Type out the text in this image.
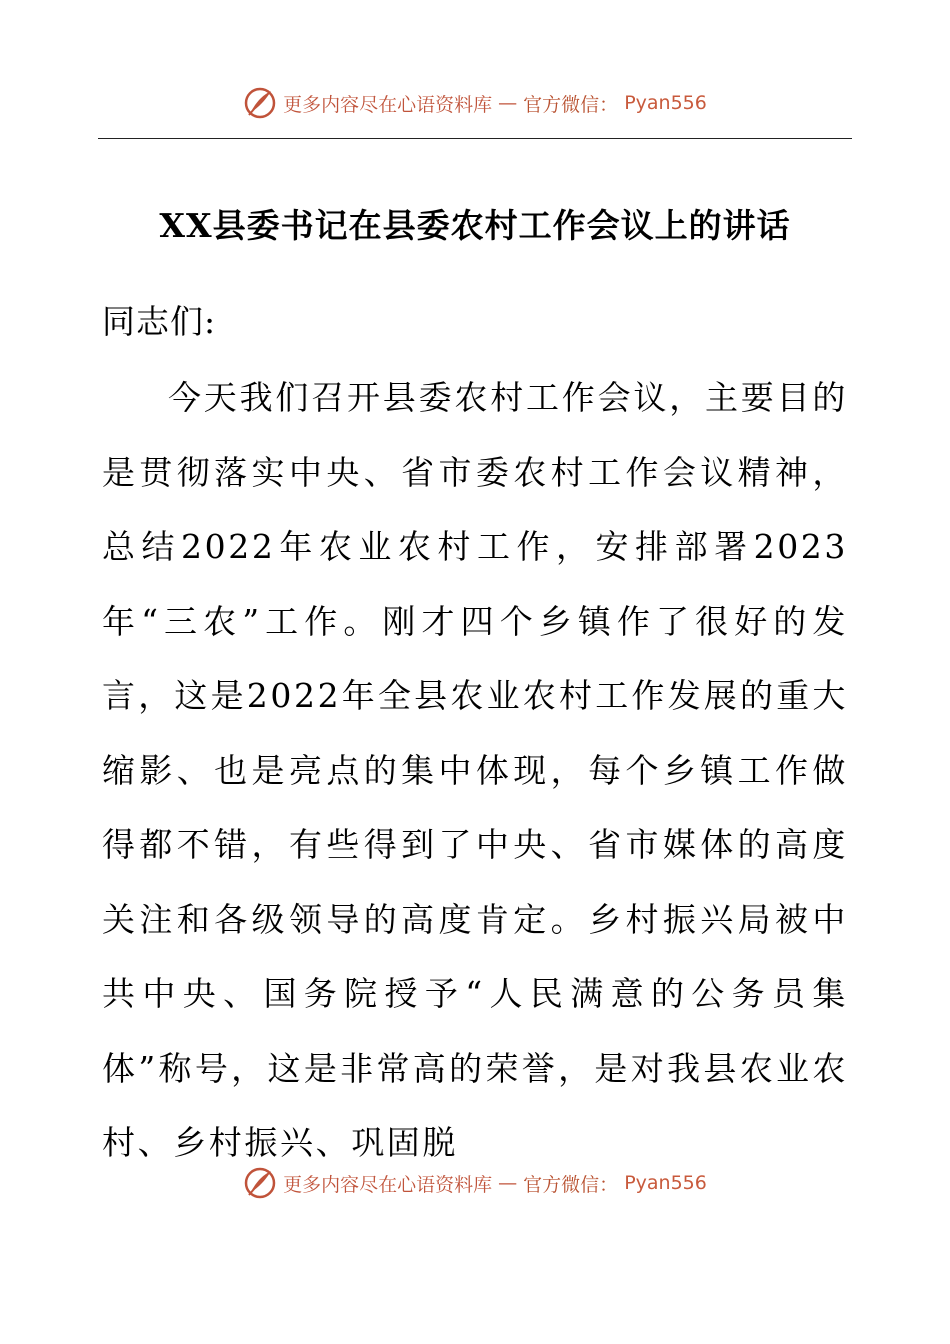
更多内容尽在心语资料库 — 官方微信： Pyan556
XX县委书记在县委农村工作会议上的讲话

同志们:

今天我们召开县委农村工作会议，主要目的是贯彻落实中央、省市委农村工作会议精神，总结2022年农业农村工作，安排部署2023年“三农”工作。刚才四个乡镇作了很好的发言，这是2022年全县农业农村工作发展的重大缩影、也是亮点的集中体现，每个乡镇工作做得都不错，有些得到了中央、省市媒体的高度关注和各级领导的高度肯定。乡村振兴局被中共中央、国务院授予“人民满意的公务员集体”称号，这是非常高的荣誉，是对我县农业农村、乡村振兴、巩固脱

更多内容尽在心语资料库 — 官方微信： Pyan556
